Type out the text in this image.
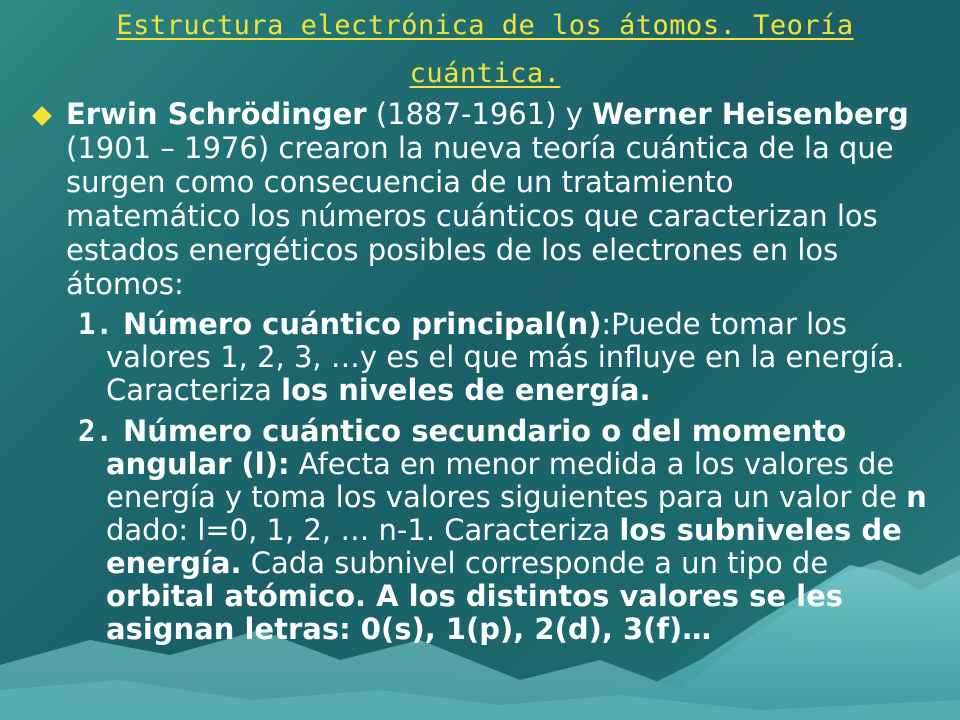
Estructura electrónica de los átomos. Teoría cuántica.
Erwin Schrödinger (1887-1961) y Werner Heisenberg (1901 – 1976) crearon la nueva teoría cuántica de la que surgen como consecuencia de un tratamiento matemático los números cuánticos que caracterizan los estados energéticos posibles de los electrones en los átomos:
1. Número cuántico principal(n):Puede tomar los valores 1, 2, 3, …y es el que más influye en la energía. Caracteriza los niveles de energía.
2. Número cuántico secundario o del momento angular (l): Afecta en menor medida a los valores de energía y toma los valores siguientes para un valor de n dado: l=0, 1, 2, … n-1. Caracteriza los subniveles de energía. Cada subnivel corresponde a un tipo de orbital atómico. A los distintos valores se les asignan letras: 0(s), 1(p), 2(d), 3(f)…
